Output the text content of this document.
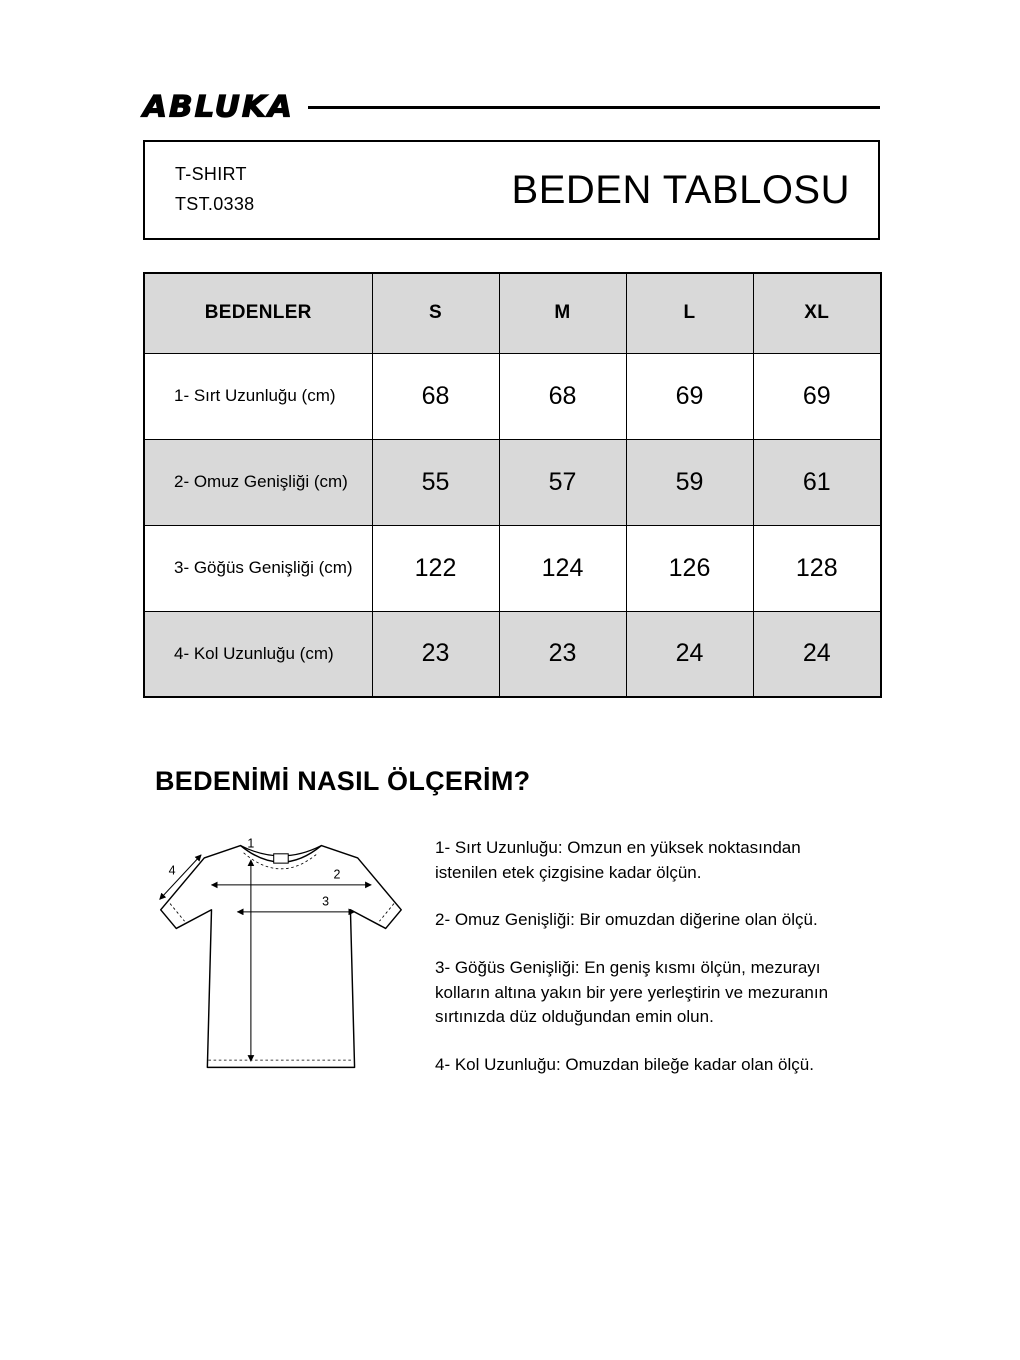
ABLUKA
T-SHIRT
TST.0338	BEDEN TABLOSU
BEDENLER	S	M	L	XL
1- Sırt Uzunluğu (cm)	68	68	69	69
2- Omuz Genişliği (cm)	55	57	59	61
3- Göğüs Genişliği (cm)	122	124	126	128
4- Kol Uzunluğu (cm)	23	23	24	24
BEDENİMİ NASIL ÖLÇERİM?
1
2
3
4

1- Sırt Uzunluğu: Omzun en yüksek noktasından istenilen etek çizgisine kadar ölçün.

2- Omuz Genişliği: Bir omuzdan diğerine olan ölçü.

3- Göğüs Genişliği: En geniş kısmı ölçün, mezurayı kolların altına yakın bir yere yerleştirin ve mezuranın sırtınızda düz olduğundan emin olun.

4- Kol Uzunluğu: Omuzdan bileğe kadar olan ölçü.
